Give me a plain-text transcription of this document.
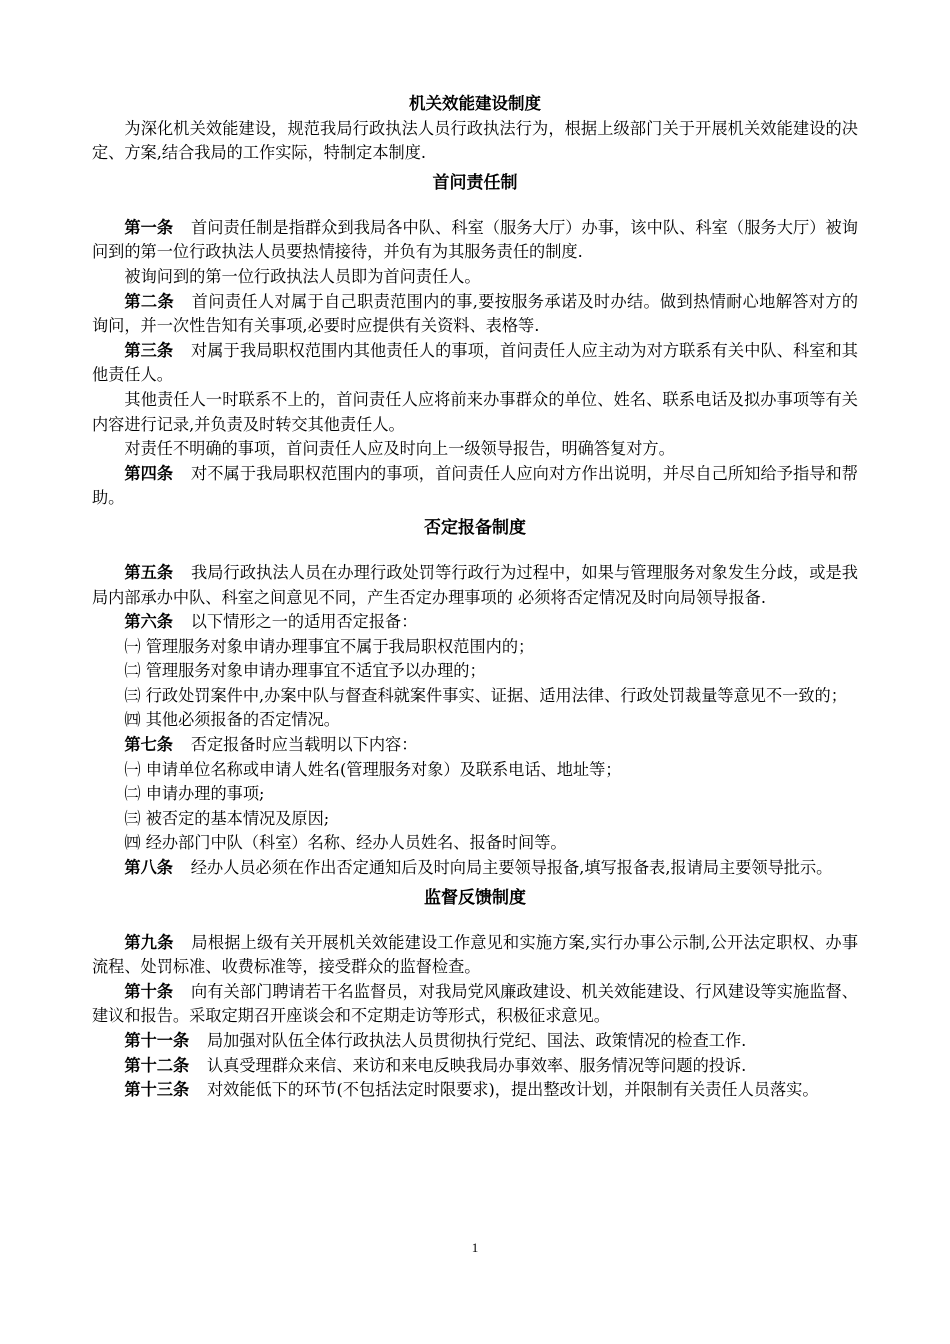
机关效能建设制度

为深化机关效能建设，规范我局行政执法人员行政执法行为，根据上级部门关于开展机关效能建设的决定、方案,结合我局的工作实际，特制定本制度.

首问责任制

第一条 首问责任制是指群众到我局各中队、科室（服务大厅）办事，该中队、科室（服务大厅）被询问到的第一位行政执法人员要热情接待，并负有为其服务责任的制度.

被询问到的第一位行政执法人员即为首问责任人。

第二条 首问责任人对属于自己职责范围内的事,要按服务承诺及时办结。做到热情耐心地解答对方的询问，并一次性告知有关事项,必要时应提供有关资料、表格等.

第三条 对属于我局职权范围内其他责任人的事项，首问责任人应主动为对方联系有关中队、科室和其他责任人。

其他责任人一时联系不上的，首问责任人应将前来办事群众的单位、姓名、联系电话及拟办事项等有关内容进行记录,并负责及时转交其他责任人。

对责任不明确的事项，首问责任人应及时向上一级领导报告，明确答复对方。

第四条 对不属于我局职权范围内的事项，首问责任人应向对方作出说明，并尽自己所知给予指导和帮助。

否定报备制度

第五条 我局行政执法人员在办理行政处罚等行政行为过程中，如果与管理服务对象发生分歧，或是我局内部承办中队、科室之间意见不同，产生否定办理事项的 必须将否定情况及时向局领导报备.

第六条 以下情形之一的适用否定报备：

㈠ 管理服务对象申请办理事宜不属于我局职权范围内的；

㈡ 管理服务对象申请办理事宜不适宜予以办理的；

㈢ 行政处罚案件中,办案中队与督查科就案件事实、证据、适用法律、行政处罚裁量等意见不一致的；

㈣ 其他必须报备的否定情况。

第七条 否定报备时应当载明以下内容：

㈠ 申请单位名称或申请人姓名(管理服务对象）及联系电话、地址等；

㈡ 申请办理的事项;

㈢ 被否定的基本情况及原因;

㈣ 经办部门中队（科室）名称、经办人员姓名、报备时间等。

第八条 经办人员必须在作出否定通知后及时向局主要领导报备,填写报备表,报请局主要领导批示。

监督反馈制度

第九条 局根据上级有关开展机关效能建设工作意见和实施方案,实行办事公示制,公开法定职权、办事流程、处罚标准、收费标准等，接受群众的监督检查。

第十条 向有关部门聘请若干名监督员，对我局党风廉政建设、机关效能建设、行风建设等实施监督、建议和报告。采取定期召开座谈会和不定期走访等形式，积极征求意见。

第十一条 局加强对队伍全体行政执法人员贯彻执行党纪、国法、政策情况的检查工作.

第十二条 认真受理群众来信、来访和来电反映我局办事效率、服务情况等问题的投诉.

第十三条 对效能低下的环节(不包括法定时限要求)，提出整改计划，并限制有关责任人员落实。

1
